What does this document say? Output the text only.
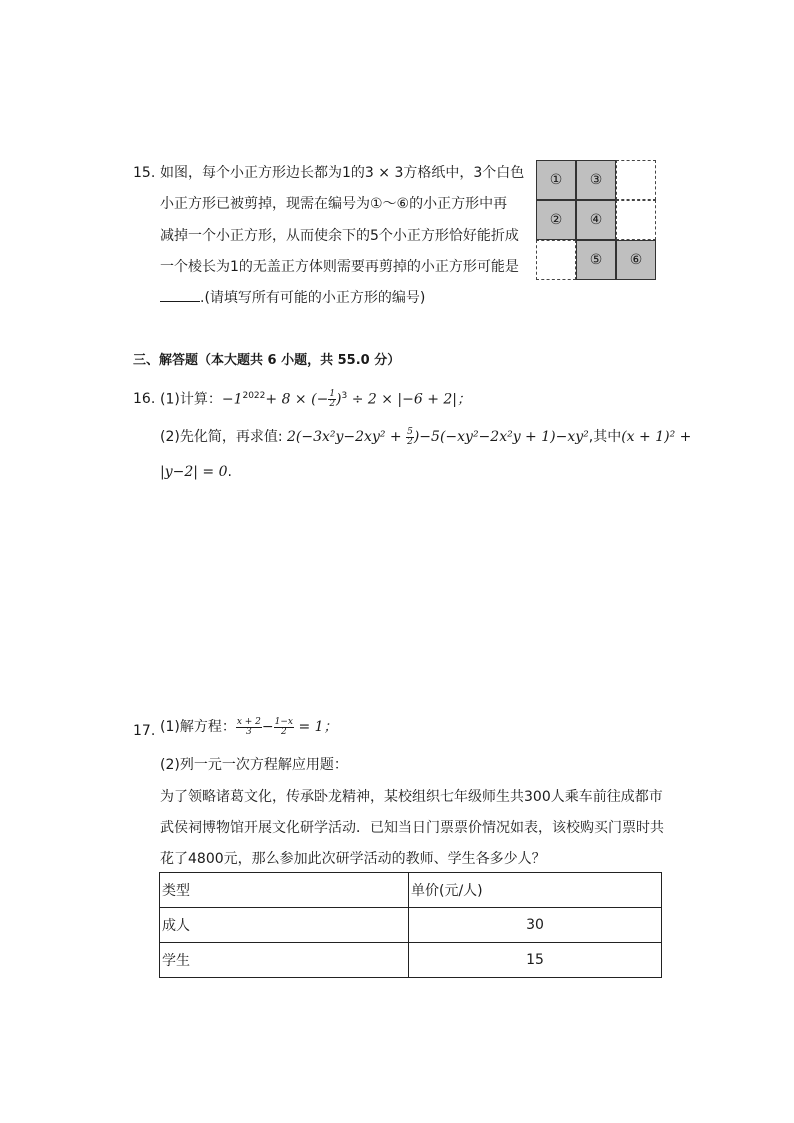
15. 如图，每个小正方形边长都为1的3 × 3方格纸中，3个白色
小正方形已被剪掉，现需在编号为①～⑥的小正方形中再
减掉一个小正方形，从而使余下的5个小正方形恰好能折成
一个棱长为1的无盖正方体则需要再剪掉的小正方形可能是
.(请填写所有可能的小正方形的编号)
①	③
②	④
⑤	⑥
三、解答题（本大题共 6 小题，共 55.0 分）
16. (1)计算：$-1^{2022}+ 8$ × (− $\frac{1}{2} )^3 \div 2 \times |-6 + 2|$；
(2)先化简，再求值: $2(-3x^2y-2xy^2 + \frac{5}{2} )-5(-xy^2-2x^2y + 1)-xy^2$,其中(x + 1)² +
|y−2| = 0.
17. (1)解方程： $\frac{x + 2}{3} - \frac{1-x}{2} = 1$；
(2)列一元一次方程解应用题：
为了领略诸葛文化，传承卧龙精神，某校组织七年级师生共300人乘车前往成都市
武侯祠博物馆开展文化研学活动．已知当日门票票价情况如表，该校购买门票时共
花了4800元，那么参加此次研学活动的教师、学生各多少人？
类型	单价(元/人)
成人	30
学生	15
